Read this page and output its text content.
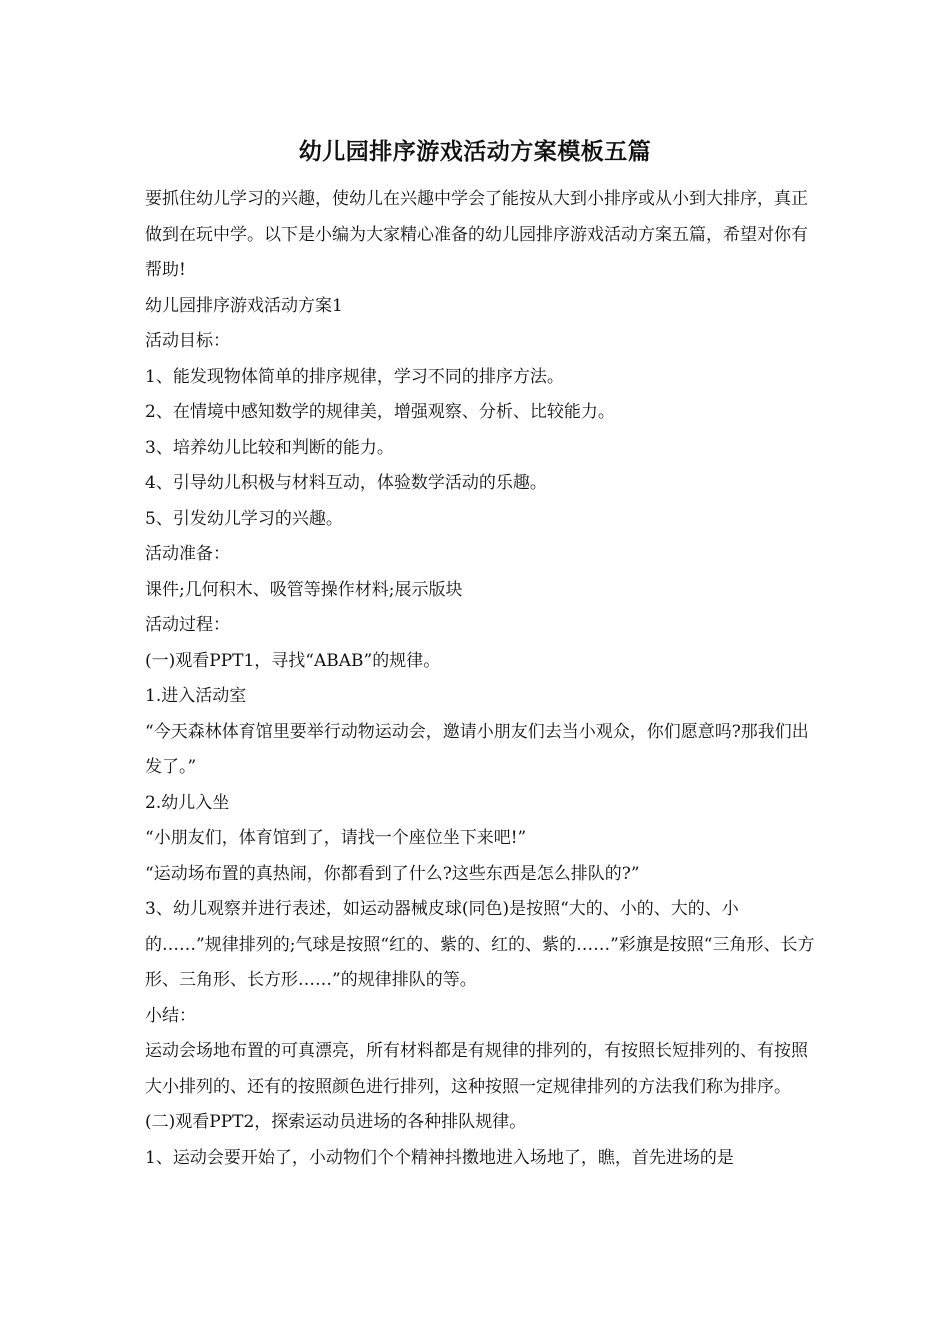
幼儿园排序游戏活动方案模板五篇

要抓住幼儿学习的兴趣，使幼儿在兴趣中学会了能按从大到小排序或从小到大排序，真正做到在玩中学。以下是小编为大家精心准备的幼儿园排序游戏活动方案五篇，希望对你有帮助!

幼儿园排序游戏活动方案1

活动目标：

1、能发现物体简单的排序规律，学习不同的排序方法。

2、在情境中感知数学的规律美，增强观察、分析、比较能力。

3、培养幼儿比较和判断的能力。

4、引导幼儿积极与材料互动，体验数学活动的乐趣。

5、引发幼儿学习的兴趣。

活动准备：

课件;几何积木、吸管等操作材料;展示版块

活动过程：

(一)观看PPT1，寻找“ABAB”的规律。

1.进入活动室

“今天森林体育馆里要举行动物运动会，邀请小朋友们去当小观众，你们愿意吗?那我们出发了。”

2.幼儿入坐

“小朋友们，体育馆到了，请找一个座位坐下来吧!”

“运动场布置的真热闹，你都看到了什么?这些东西是怎么排队的?”

3、幼儿观察并进行表述，如运动器械皮球(同色)是按照“大的、小的、大的、小的……”规律排列的;气球是按照“红的、紫的、红的、紫的……”彩旗是按照“三角形、长方形、三角形、长方形……”的规律排队的等。

小结：

运动会场地布置的可真漂亮，所有材料都是有规律的排列的，有按照长短排列的、有按照大小排列的、还有的按照颜色进行排列，这种按照一定规律排列的方法我们称为排序。

(二)观看PPT2，探索运动员进场的各种排队规律。

1、运动会要开始了，小动物们个个精神抖擞地进入场地了，瞧，首先进场的是
